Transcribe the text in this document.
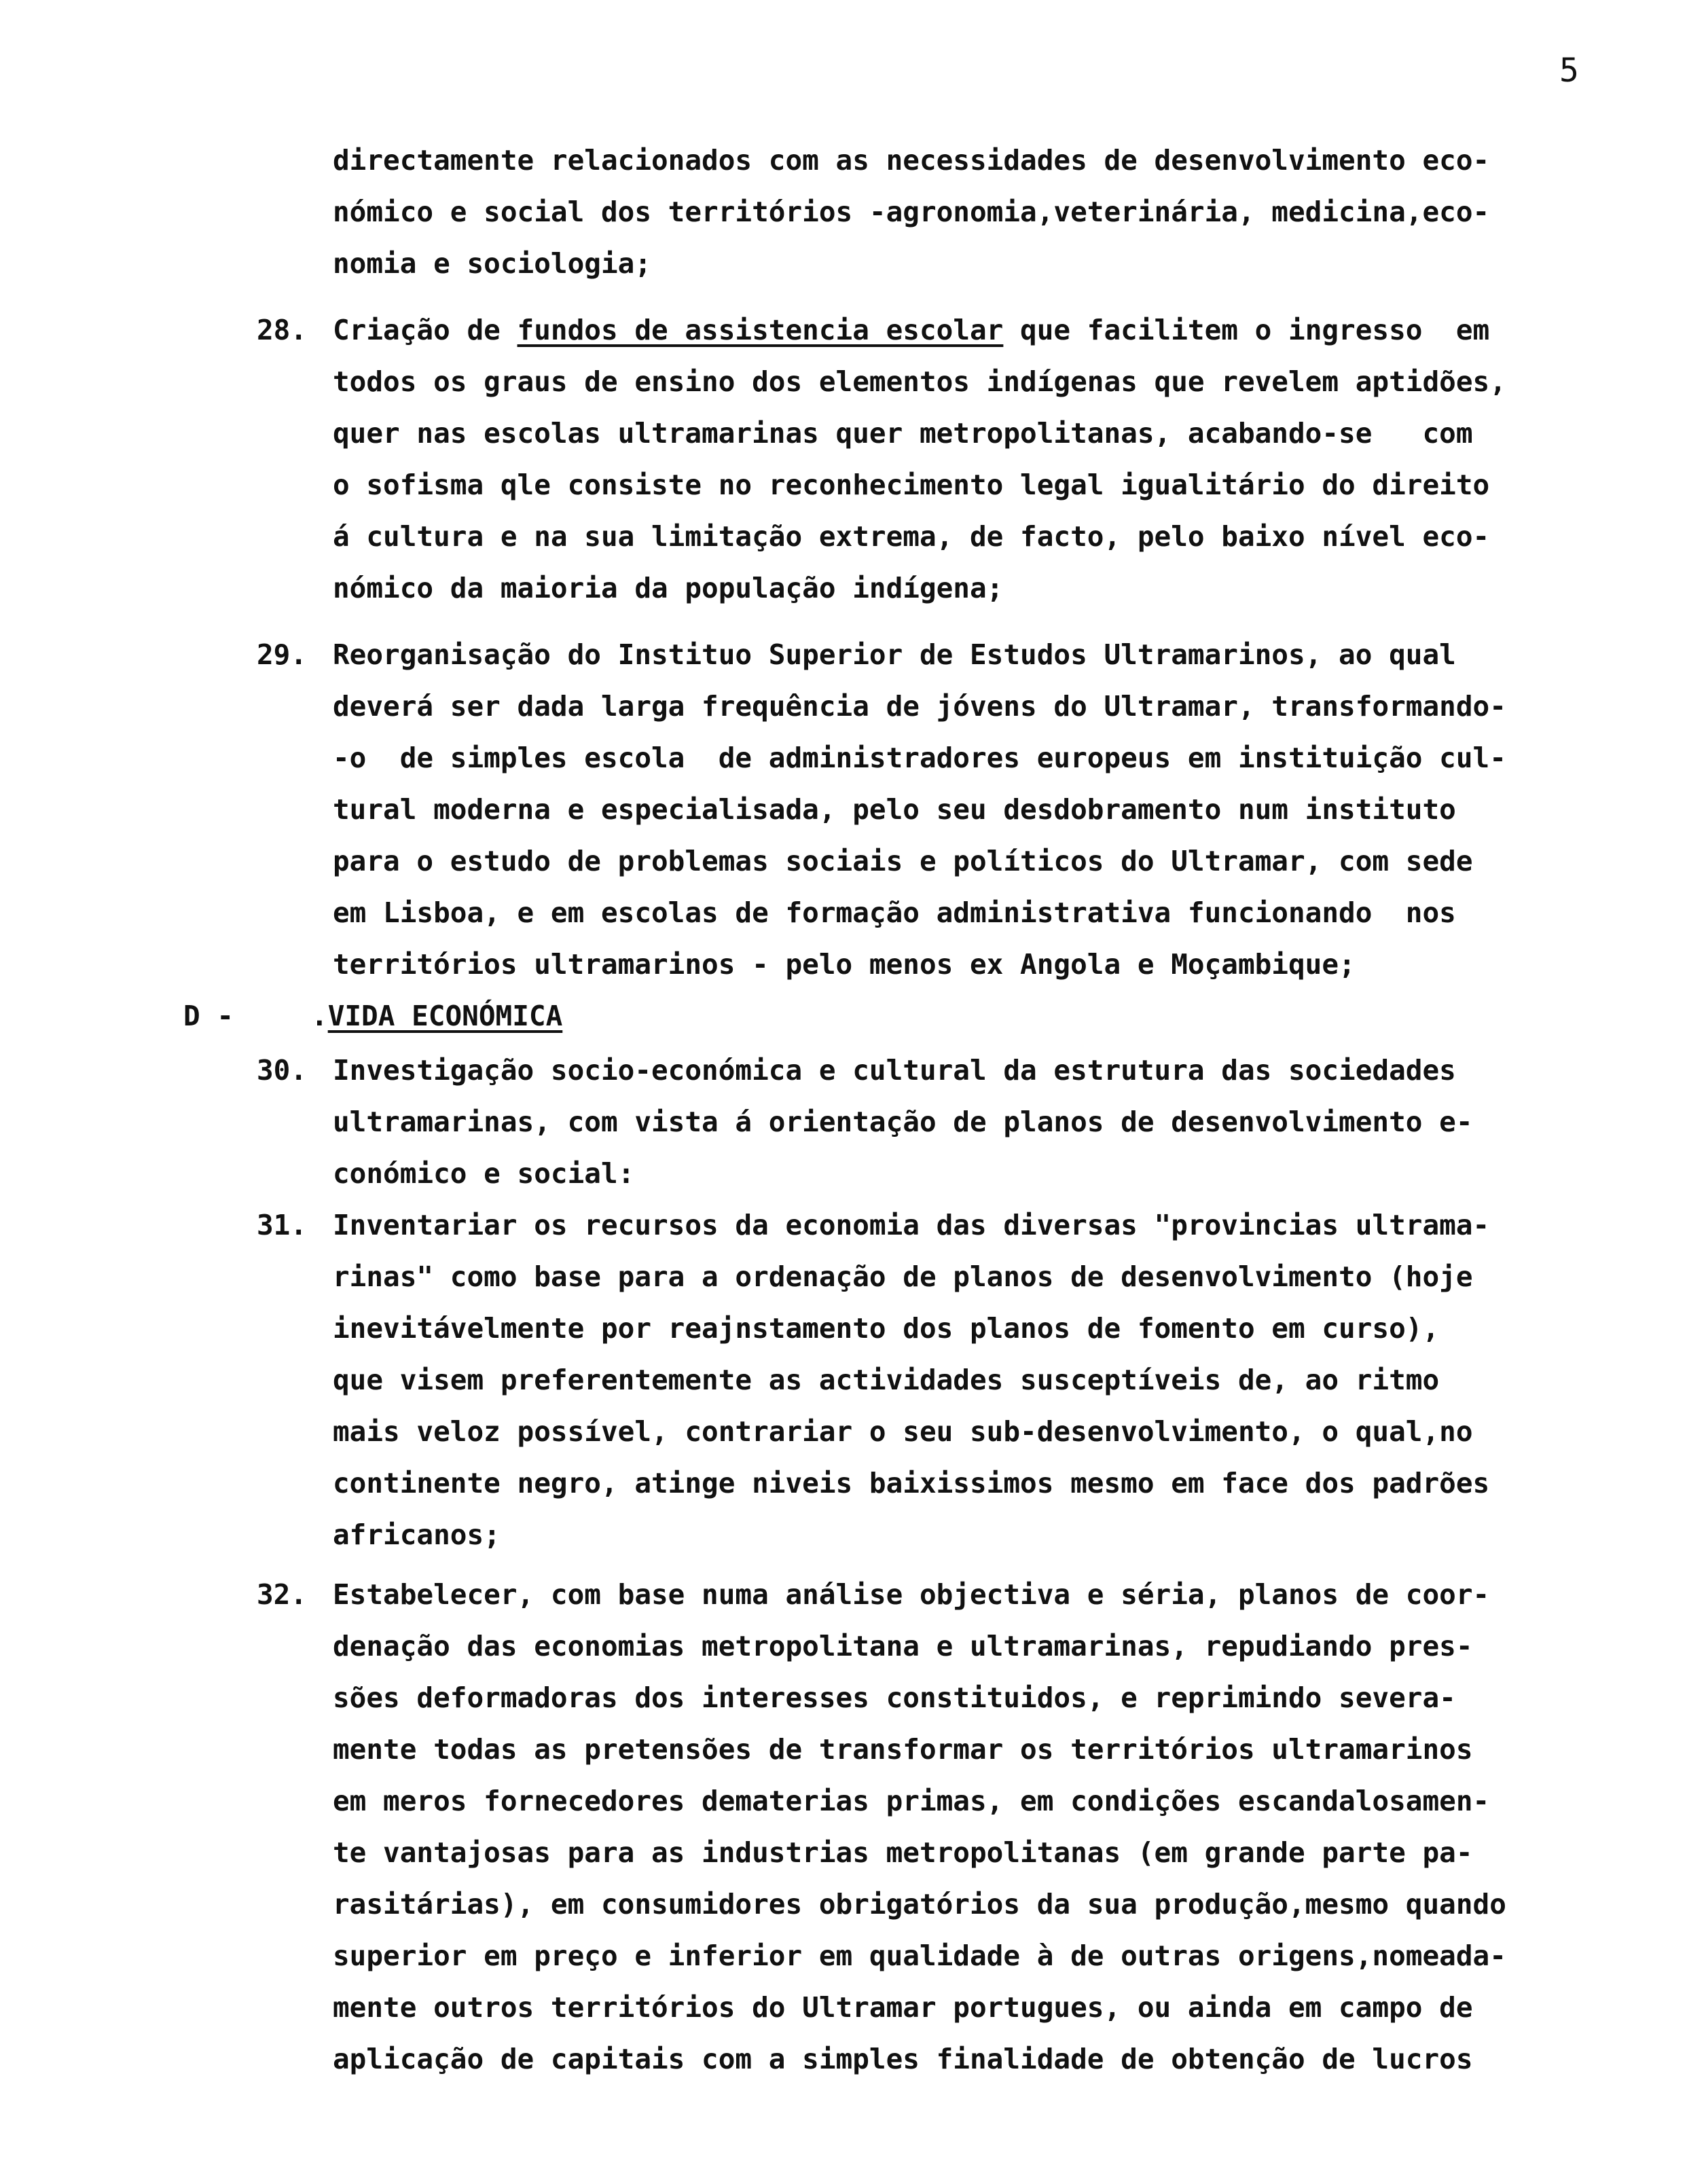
5
directamente relacionados com as necessidades de desenvolvimento eco-
nómico e social dos territórios -agronomia,veterinária, medicina,eco-
nomia e sociologia;
28. Criação de fundos de assistencia escolar que facilitem o ingresso  em
todos os graus de ensino dos elementos indígenas que revelem aptidões,
quer nas escolas ultramarinas quer metropolitanas, acabando-se   com
o sofisma qle consiste no reconhecimento legal igualitário do direito
á cultura e na sua limitação extrema, de facto, pelo baixo nível eco-
nómico da maioria da população indígena;
29. Reorganisação do Instituo Superior de Estudos Ultramarinos, ao qual
deverá ser dada larga frequência de jóvens do Ultramar, transformando-
-o  de simples escola  de administradores europeus em instituição cul-
tural moderna e especialisada, pelo seu desdobramento num instituto
para o estudo de problemas sociais e políticos do Ultramar, com sede
em Lisboa, e em escolas de formação administrativa funcionando  nos
territórios ultramarinos - pelo menos ex Angola e Moçambique;
D -	.VIDA ECONÓMICA
30. Investigação socio-económica e cultural da estrutura das sociedades
ultramarinas, com vista á orientação de planos de desenvolvimento e-
conómico e social:
31. Inventariar os recursos da economia das diversas "provincias ultrama-
rinas" como base para a ordenação de planos de desenvolvimento (hoje
inevitávelmente por reajnstamento dos planos de fomento em curso),
que visem preferentemente as actividades susceptíveis de, ao ritmo
mais veloz possível, contrariar o seu sub-desenvolvimento, o qual,no
continente negro, atinge niveis baixissimos mesmo em face dos padrões
africanos;
32. Estabelecer, com base numa análise objectiva e séria, planos de coor-
denação das economias metropolitana e ultramarinas, repudiando pres-
sões deformadoras dos interesses constituidos, e reprimindo severa-
mente todas as pretensões de transformar os territórios ultramarinos
em meros fornecedores dematerias primas, em condições escandalosamen-
te vantajosas para as industrias metropolitanas (em grande parte pa-
rasitárias), em consumidores obrigatórios da sua produção,mesmo quando
superior em preço e inferior em qualidade à de outras origens,nomeada-
mente outros territórios do Ultramar portugues, ou ainda em campo de
aplicação de capitais com a simples finalidade de obtenção de lucros
